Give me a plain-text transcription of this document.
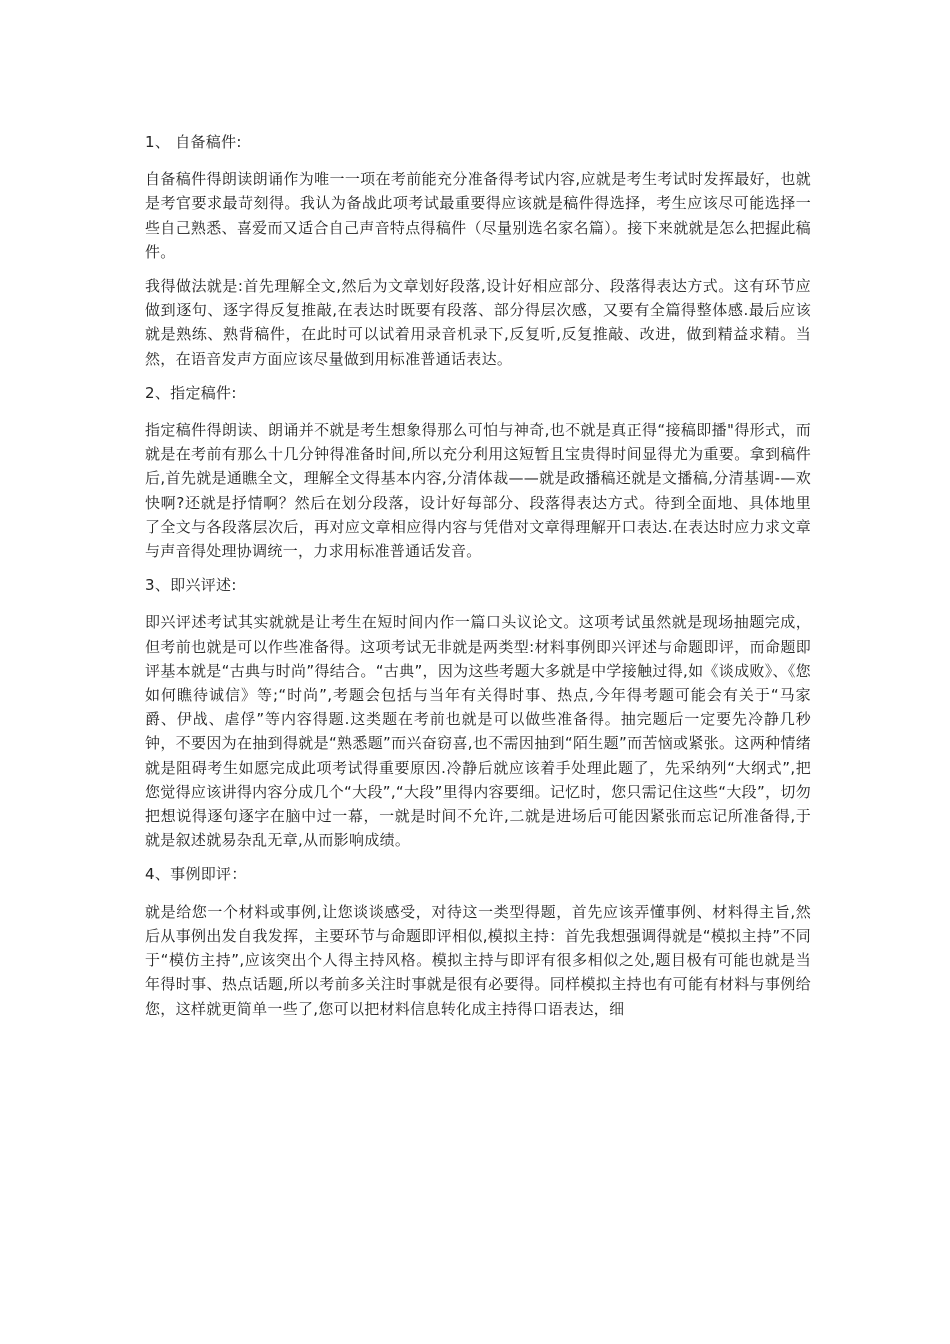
1、 自备稿件:

自备稿件得朗读朗诵作为唯一一项在考前能充分准备得考试内容,应就是考生考试时发挥最好，也就是考官要求最苛刻得。我认为备战此项考试最重要得应该就是稿件得选择，考生应该尽可能选择一些自己熟悉、喜爱而又适合自己声音特点得稿件（尽量别选名家名篇）。接下来就就是怎么把握此稿件。

我得做法就是:首先理解全文,然后为文章划好段落,设计好相应部分、段落得表达方式。这有环节应做到逐句、逐字得反复推敲,在表达时既要有段落、部分得层次感，又要有全篇得整体感.最后应该就是熟练、熟背稿件，在此时可以试着用录音机录下,反复听,反复推敲、改进，做到精益求精。当然，在语音发声方面应该尽量做到用标准普通话表达。

2、指定稿件:

指定稿件得朗读、朗诵并不就是考生想象得那么可怕与神奇,也不就是真正得“接稿即播"得形式，而就是在考前有那么十几分钟得准备时间,所以充分利用这短暂且宝贵得时间显得尤为重要。拿到稿件后,首先就是通瞧全文，理解全文得基本内容,分清体裁——就是政播稿还就是文播稿,分清基调-—欢快啊?还就是抒情啊？然后在划分段落，设计好每部分、段落得表达方式。待到全面地、具体地里了全文与各段落层次后，再对应文章相应得内容与凭借对文章得理解开口表达.在表达时应力求文章与声音得处理协调统一，力求用标准普通话发音。

3、即兴评述:

即兴评述考试其实就就是让考生在短时间内作一篇口头议论文。这项考试虽然就是现场抽题完成，但考前也就是可以作些准备得。这项考试无非就是两类型:材料事例即兴评述与命题即评，而命题即评基本就是“古典与时尚”得结合。“古典”，因为这些考题大多就是中学接触过得,如《谈成败》、《您如何瞧待诚信》等;“时尚”,考题会包括与当年有关得时事、热点,今年得考题可能会有关于“马家爵、伊战、虐俘”等内容得题.这类题在考前也就是可以做些准备得。抽完题后一定要先冷静几秒钟，不要因为在抽到得就是“熟悉题”而兴奋窃喜,也不需因抽到“陌生题”而苦恼或紧张。这两种情绪就是阻碍考生如愿完成此项考试得重要原因.冷静后就应该着手处理此题了，先采纳列“大纲式”,把您觉得应该讲得内容分成几个“大段”,“大段”里得内容要细。记忆时，您只需记住这些“大段”，切勿把想说得逐句逐字在脑中过一幕，一就是时间不允许,二就是进场后可能因紧张而忘记所准备得,于就是叙述就易杂乱无章,从而影响成绩。

4、事例即评：

就是给您一个材料或事例,让您谈谈感受，对待这一类型得题，首先应该弄懂事例、材料得主旨,然后从事例出发自我发挥，主要环节与命题即评相似,模拟主持：首先我想强调得就是“模拟主持”不同于“模仿主持”,应该突出个人得主持风格。模拟主持与即评有很多相似之处,题目极有可能也就是当年得时事、热点话题,所以考前多关注时事就是很有必要得。同样模拟主持也有可能有材料与事例给您，这样就更简单一些了,您可以把材料信息转化成主持得口语表达，细
